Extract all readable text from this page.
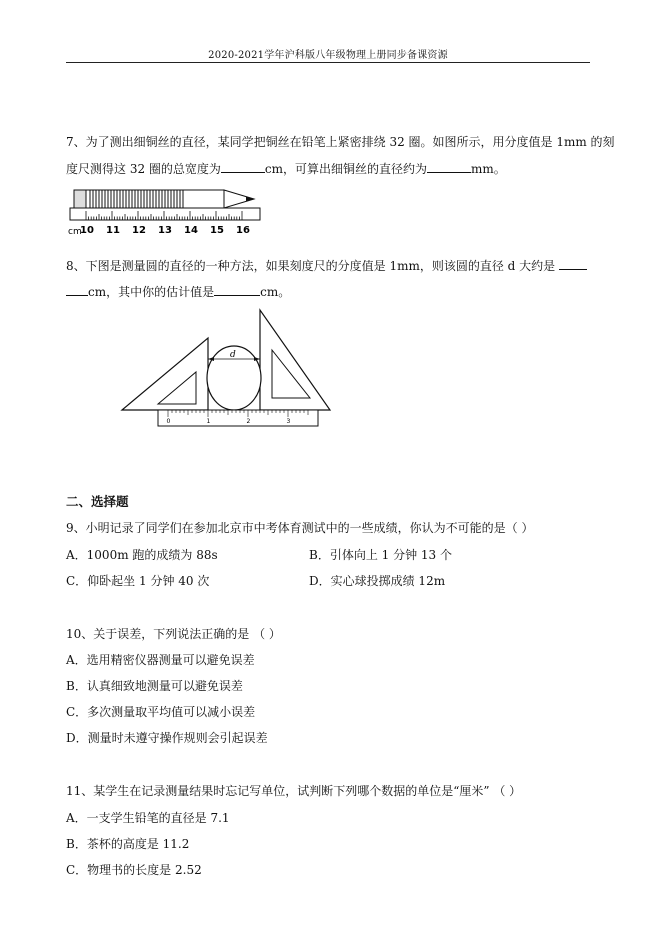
2020-2021学年沪科版八年级物理上册同步备课资源
7、为了测出细铜丝的直径，某同学把铜丝在铅笔上紧密排绕 32 圈。如图所示，用分度值是 1mm 的刻
度尺测得这 32 圈的总宽度为	cm，可算出细铜丝的直径约为	mm。
cm
10 11 12 13 14 15 16
8、下图是测量圆的直径的一种方法，如果刻度尺的分度值是 1mm，则该圆的直径 d 大约是
cm，其中你的估计值是	cm。
d
0	1	2	3
二、选择题
9、小明记录了同学们在参加北京市中考体育测试中的一些成绩，你认为不可能的是（ ）
A．1000m 跑的成绩为 88s	B．引体向上 1 分钟 13 个
C．仰卧起坐 1 分钟 40 次	D．实心球投掷成绩 12m
10、关于误差，下列说法正确的是 （ ）
A．选用精密仪器测量可以避免误差
B．认真细致地测量可以避免误差
C．多次测量取平均值可以减小误差
D．测量时未遵守操作规则会引起误差
11、某学生在记录测量结果时忘记写单位，试判断下列哪个数据的单位是“厘米” （ ）
A．一支学生铅笔的直径是 7.1
B．茶杯的高度是 11.2
C．物理书的长度是 2.52
